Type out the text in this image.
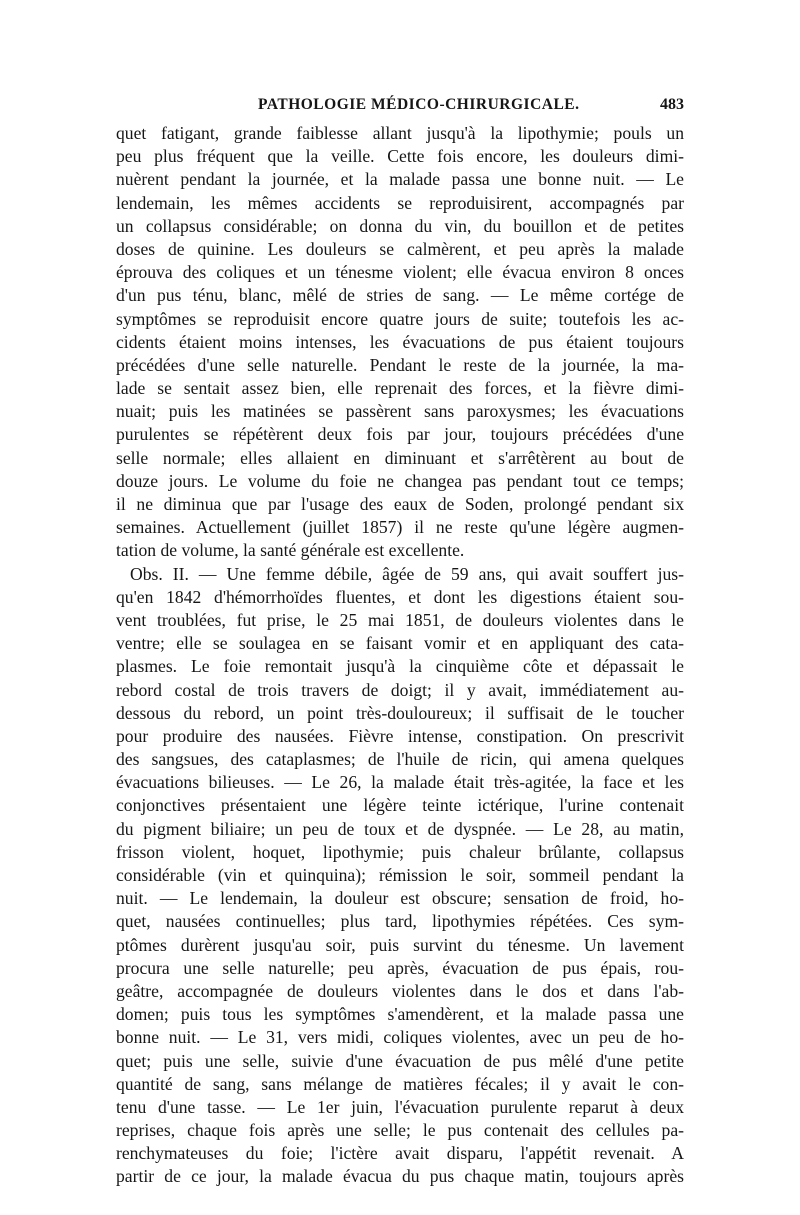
PATHOLOGIE MÉDICO-CHIRURGICALE.	483
quet fatigant, grande faiblesse allant jusqu'à la lipothymie; pouls un
peu plus fréquent que la veille. Cette fois encore, les douleurs dimi-
nuèrent pendant la journée, et la malade passa une bonne nuit. — Le
lendemain, les mêmes accidents se reproduisirent, accompagnés par
un collapsus considérable; on donna du vin, du bouillon et de petites
doses de quinine. Les douleurs se calmèrent, et peu après la malade
éprouva des coliques et un ténesme violent; elle évacua environ 8 onces
d'un pus ténu, blanc, mêlé de stries de sang. — Le même cortége de
symptômes se reproduisit encore quatre jours de suite; toutefois les ac-
cidents étaient moins intenses, les évacuations de pus étaient toujours
précédées d'une selle naturelle. Pendant le reste de la journée, la ma-
lade se sentait assez bien, elle reprenait des forces, et la fièvre dimi-
nuait; puis les matinées se passèrent sans paroxysmes; les évacuations
purulentes se répétèrent deux fois par jour, toujours précédées d'une
selle normale; elles allaient en diminuant et s'arrêtèrent au bout de
douze jours. Le volume du foie ne changea pas pendant tout ce temps;
il ne diminua que par l'usage des eaux de Soden, prolongé pendant six
semaines. Actuellement (juillet 1857) il ne reste qu'une légère augmen-
tation de volume, la santé générale est excellente.
Obs. II. — Une femme débile, âgée de 59 ans, qui avait souffert jus-
qu'en 1842 d'hémorrhoïdes fluentes, et dont les digestions étaient sou-
vent troublées, fut prise, le 25 mai 1851, de douleurs violentes dans le
ventre; elle se soulagea en se faisant vomir et en appliquant des cata-
plasmes. Le foie remontait jusqu'à la cinquième côte et dépassait le
rebord costal de trois travers de doigt; il y avait, immédiatement au-
dessous du rebord, un point très-douloureux; il suffisait de le toucher
pour produire des nausées. Fièvre intense, constipation. On prescrivit
des sangsues, des cataplasmes; de l'huile de ricin, qui amena quelques
évacuations bilieuses. — Le 26, la malade était très-agitée, la face et les
conjonctives présentaient une légère teinte ictérique, l'urine contenait
du pigment biliaire; un peu de toux et de dyspnée. — Le 28, au matin,
frisson violent, hoquet, lipothymie; puis chaleur brûlante, collapsus
considérable (vin et quinquina); rémission le soir, sommeil pendant la
nuit. — Le lendemain, la douleur est obscure; sensation de froid, ho-
quet, nausées continuelles; plus tard, lipothymies répétées. Ces sym-
ptômes durèrent jusqu'au soir, puis survint du ténesme. Un lavement
procura une selle naturelle; peu après, évacuation de pus épais, rou-
geâtre, accompagnée de douleurs violentes dans le dos et dans l'ab-
domen; puis tous les symptômes s'amendèrent, et la malade passa une
bonne nuit. — Le 31, vers midi, coliques violentes, avec un peu de ho-
quet; puis une selle, suivie d'une évacuation de pus mêlé d'une petite
quantité de sang, sans mélange de matières fécales; il y avait le con-
tenu d'une tasse. — Le 1er juin, l'évacuation purulente reparut à deux
reprises, chaque fois après une selle; le pus contenait des cellules pa-
renchymateuses du foie; l'ictère avait disparu, l'appétit revenait. A
partir de ce jour, la malade évacua du pus chaque matin, toujours après
